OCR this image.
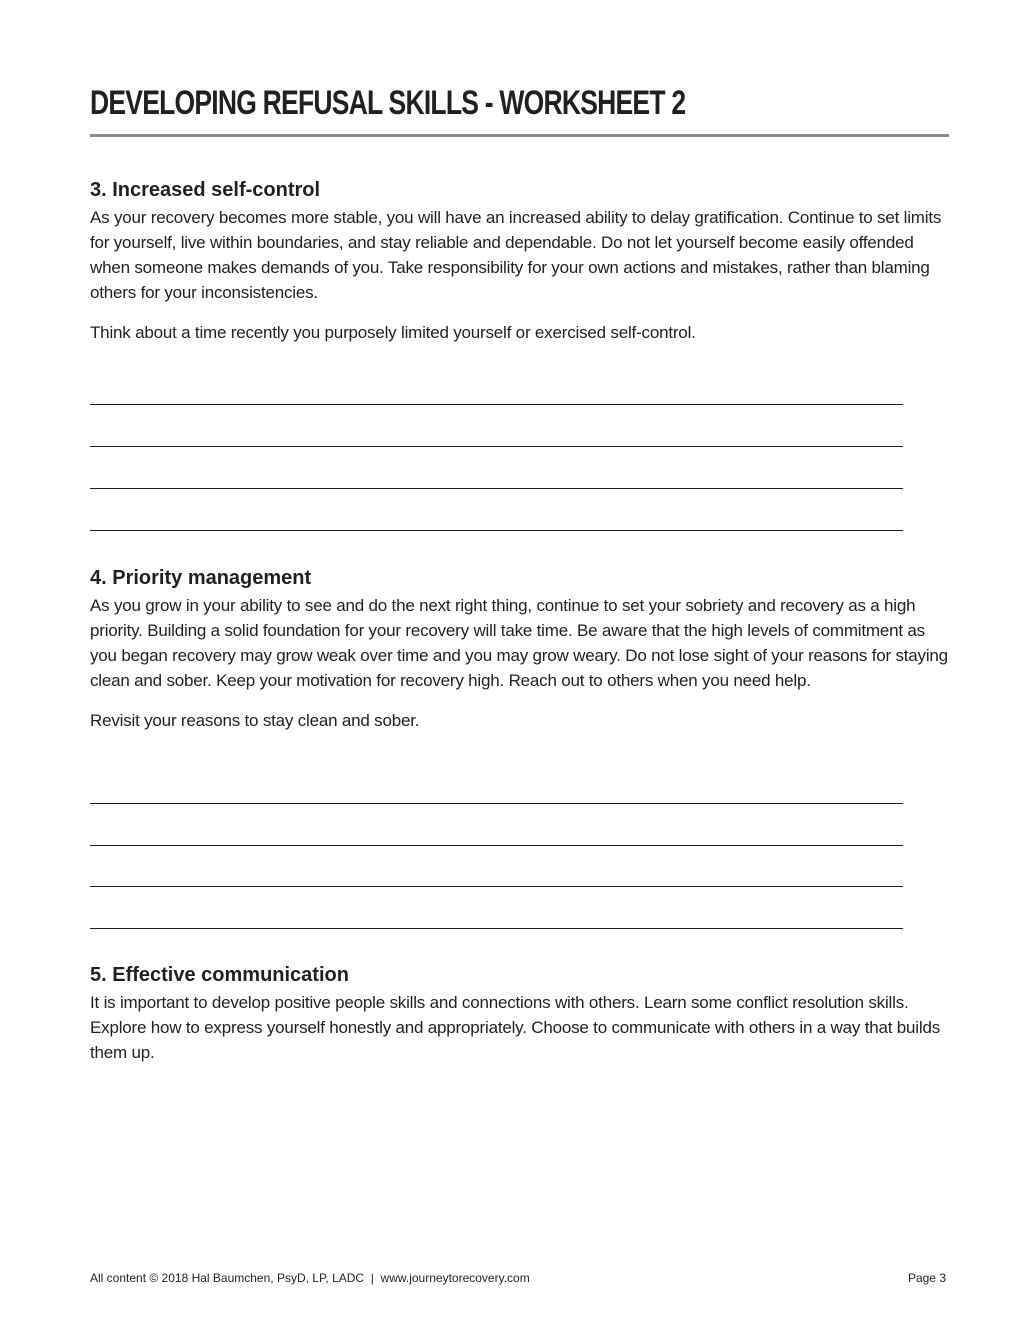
DEVELOPING REFUSAL SKILLS - WORKSHEET 2
3. Increased self-control

As your recovery becomes more stable, you will have an increased ability to delay gratification. Continue to set limits for yourself, live within boundaries, and stay reliable and dependable. Do not let yourself become easily offended when someone makes demands of you. Take responsibility for your own actions and mistakes, rather than blaming others for your inconsistencies.

Think about a time recently you purposely limited yourself or exercised self-control.

4. Priority management

As you grow in your ability to see and do the next right thing, continue to set your sobriety and recovery as a high priority. Building a solid foundation for your recovery will take time. Be aware that the high levels of commitment as you began recovery may grow weak over time and you may grow weary. Do not lose sight of your reasons for staying clean and sober. Keep your motivation for recovery high. Reach out to others when you need help.

Revisit your reasons to stay clean and sober.

5. Effective communication

It is important to develop positive people skills and connections with others. Learn some conflict resolution skills. Explore how to express yourself honestly and appropriately. Choose to communicate with others in a way that builds them up.

All content © 2018 Hal Baumchen, PsyD, LP, LADC  |  www.journeytorecovery.com	Page 3
